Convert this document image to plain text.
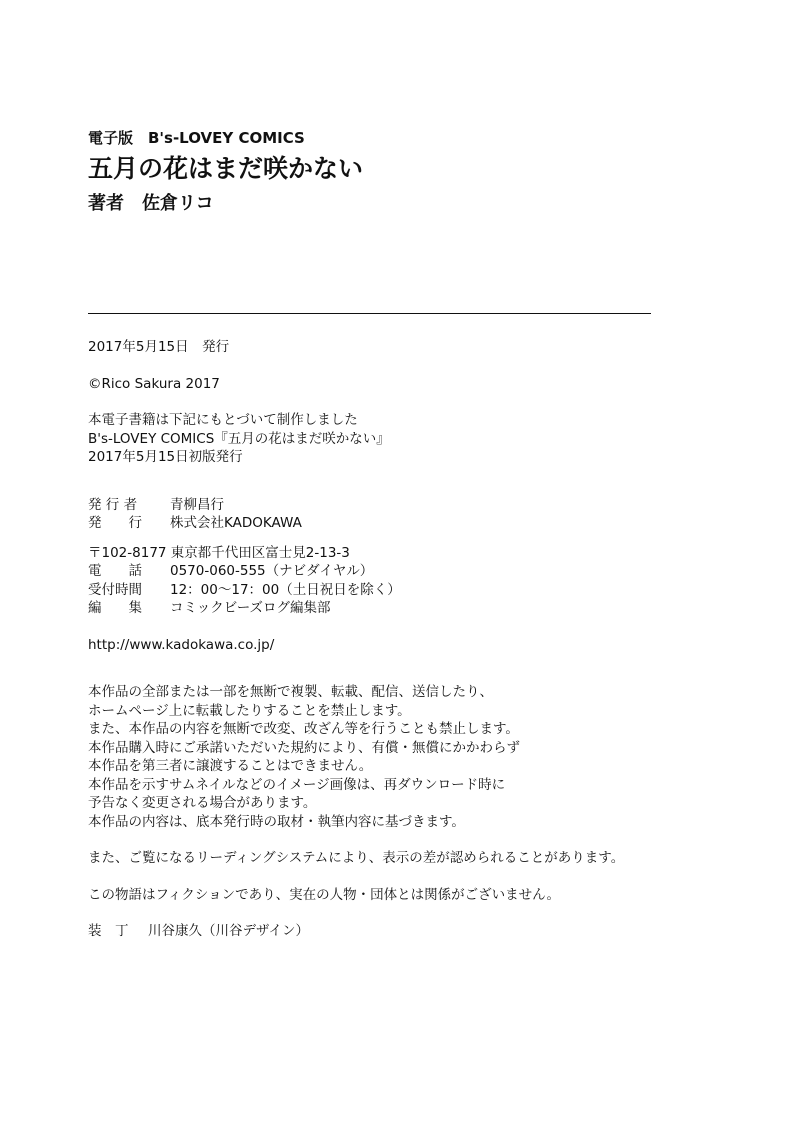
電子版　B's-LOVEY COMICS
五月の花はまだ咲かない
著者　佐倉リコ
2017年5月15日　発行
©Rico Sakura 2017
本電子書籍は下記にもとづいて制作しました
B's-LOVEY COMICS『五月の花はまだ咲かない』
2017年5月15日初版発行
発 行 者	青柳昌行
発　　行	株式会社KADOKAWA
〒102-8177 東京都千代田区富士見2-13-3
電　　話	0570-060-555（ナビダイヤル）
受付時間	12：00～17：00（土日祝日を除く）
編　　集	コミックビーズログ編集部
http://www.kadokawa.co.jp/
本作品の全部または一部を無断で複製、転載、配信、送信したり、
ホームページ上に転載したりすることを禁止します。
また、本作品の内容を無断で改変、改ざん等を行うことも禁止します。
本作品購入時にご承諾いただいた規約により、有償・無償にかかわらず
本作品を第三者に譲渡することはできません。
本作品を示すサムネイルなどのイメージ画像は、再ダウンロード時に
予告なく変更される場合があります。
本作品の内容は、底本発行時の取材・執筆内容に基づきます。
また、ご覧になるリーディングシステムにより、表示の差が認められることがあります。
この物語はフィクションであり、実在の人物・団体とは関係がございません。
装　丁	川谷康久（川谷デザイン）
